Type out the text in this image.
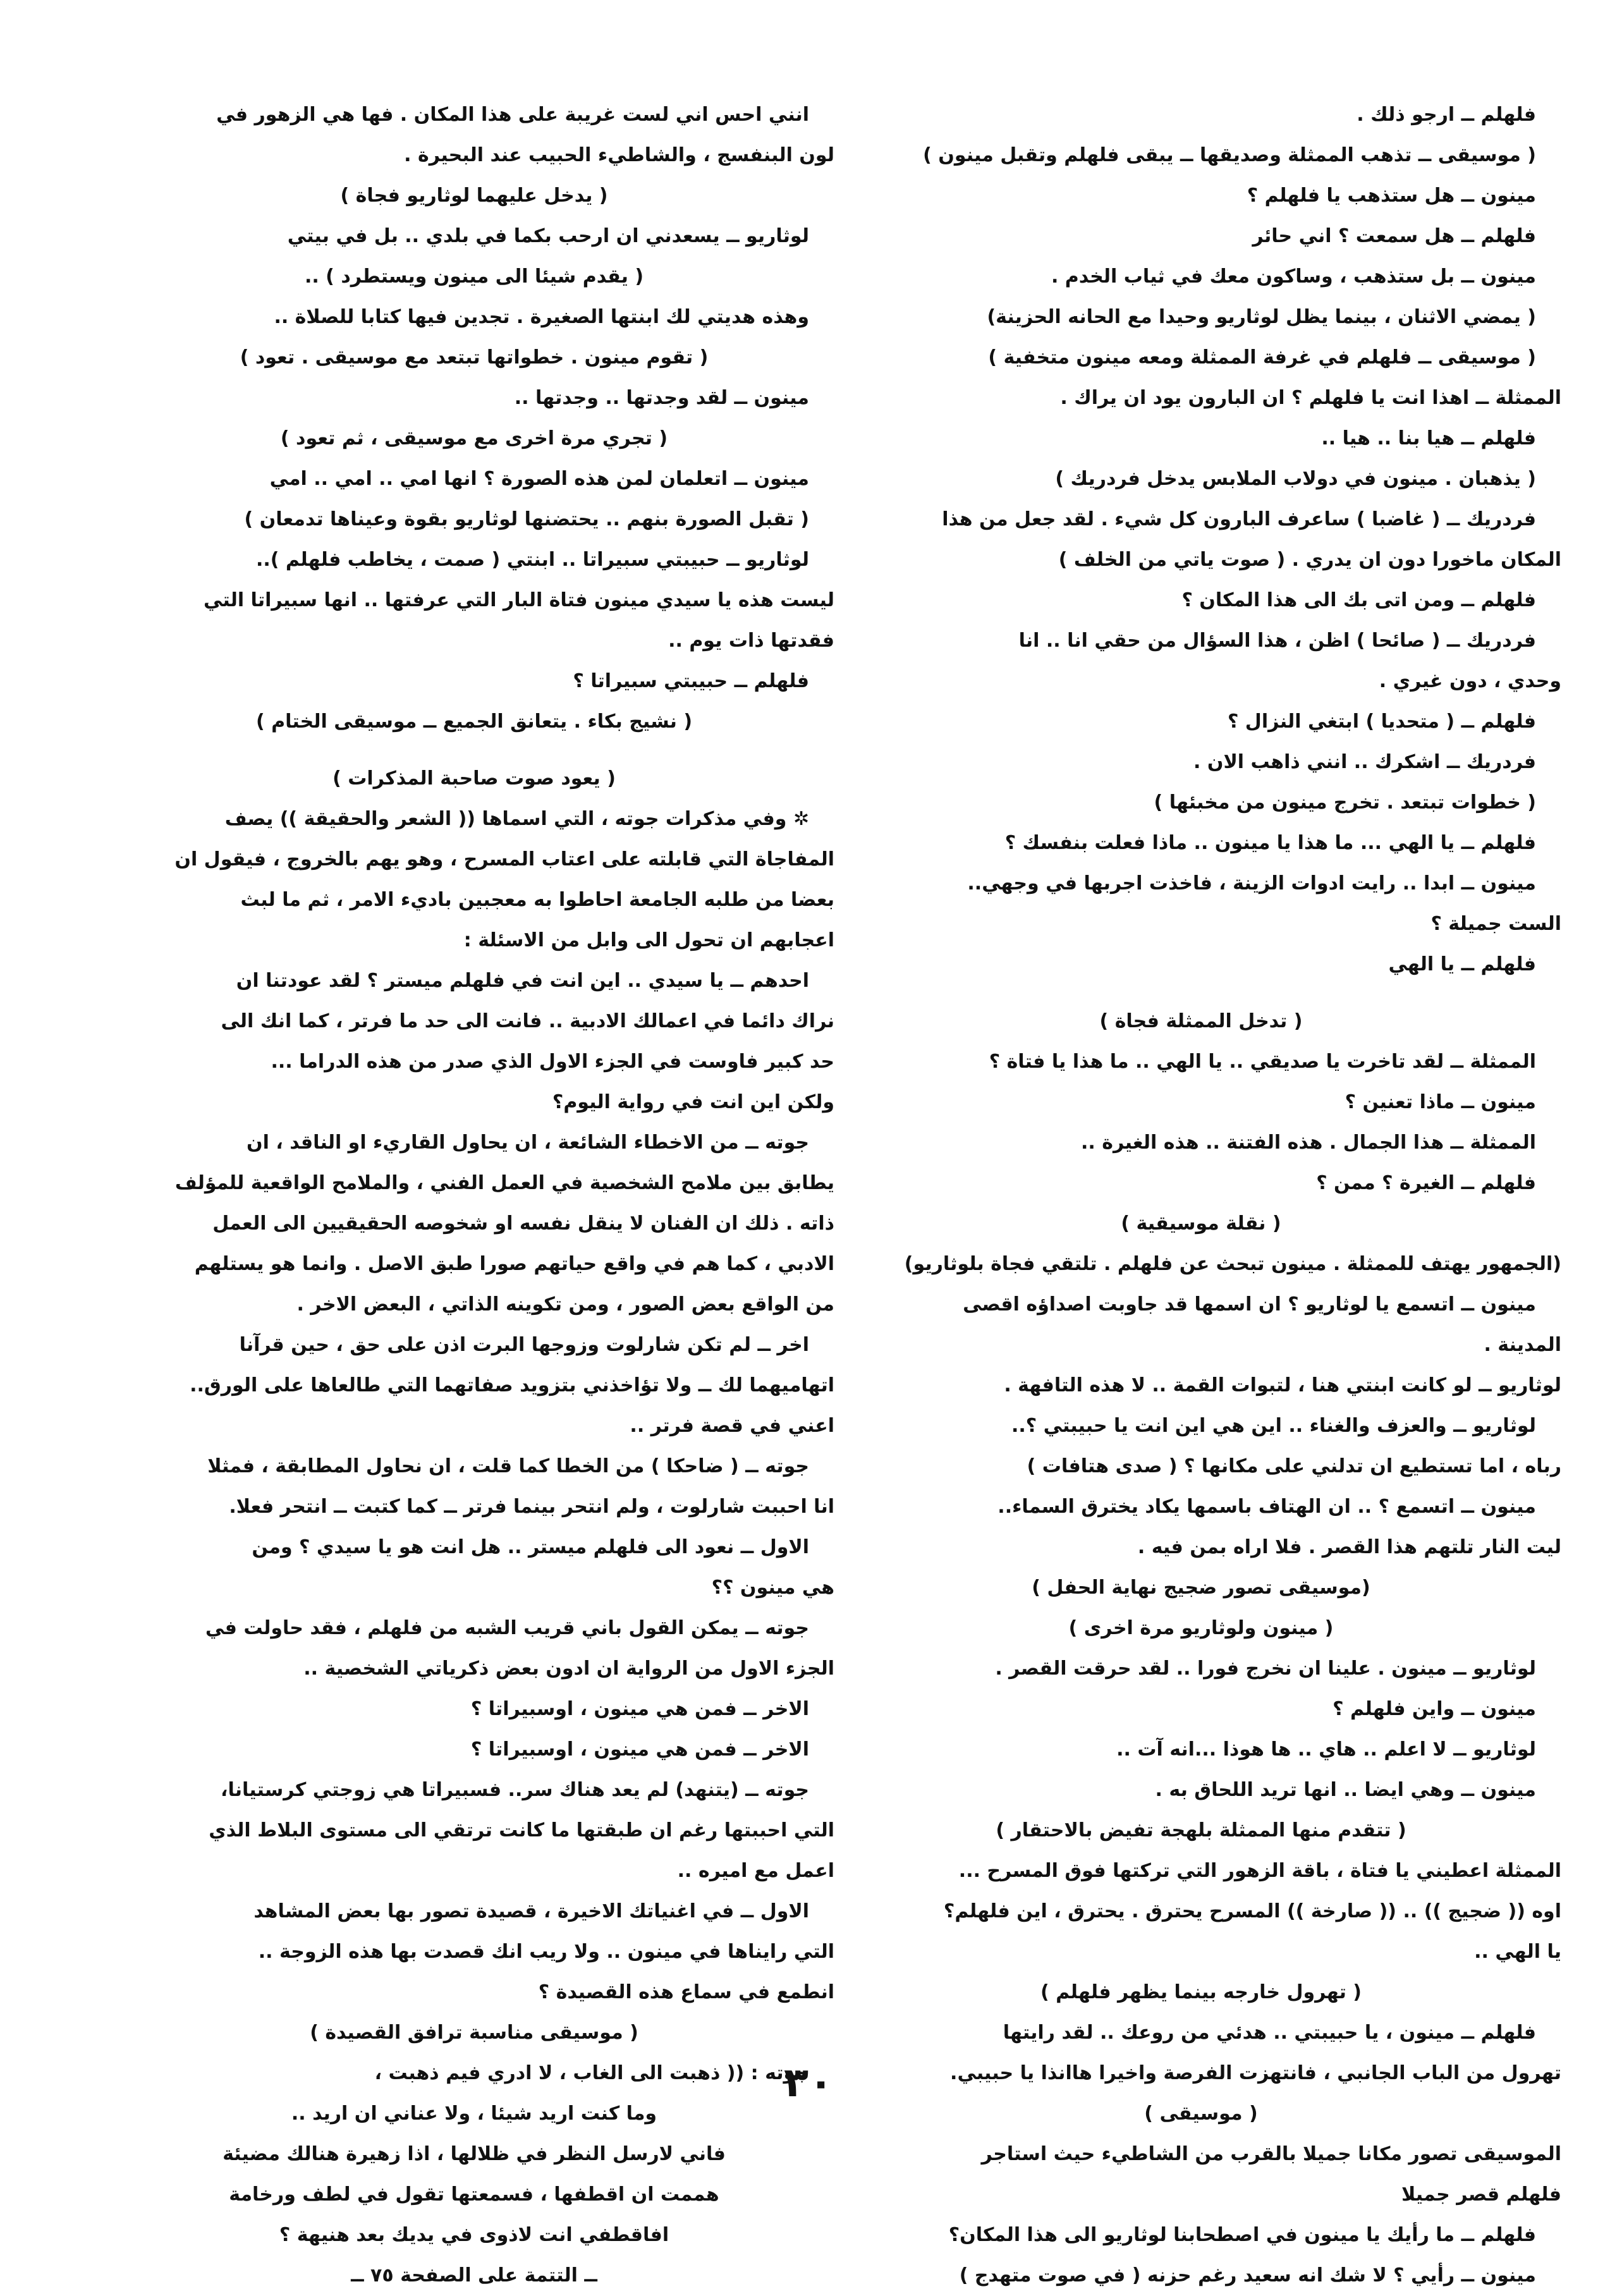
فلهلم ــ ارجو ذلك .
( موسيقى ــ تذهب الممثلة وصديقها ــ يبقى فلهلم وتقبل مينون )
مينون ــ هل ستذهب يا فلهلم ؟
فلهلم ــ هل سمعت ؟ اني حائر
مينون ــ بل ستذهب ، وساكون معك في ثياب الخدم .
( يمضي الاثنان ، بينما يظل لوثاريو وحيدا مع الحانه الحزينة)
( موسيقى ــ فلهلم في غرفة الممثلة ومعه مينون متخفية )
الممثلة ــ اهذا انت يا فلهلم ؟ ان البارون يود ان يراك .
فلهلم ــ هيا بنا .. هيا ..
( يذهبان . مينون في دولاب الملابس يدخل فردريك )
فردريك ــ ( غاضبا ) ساعرف البارون كل شيء . لقد جعل من هذا
المكان ماخورا دون ان يدري . ( صوت ياتي من الخلف )
فلهلم ــ ومن اتى بك الى هذا المكان ؟
فردريك ــ ( صائحا ) اظن ، هذا السؤال من حقي انا .. انا
وحدي ، دون غيري .
فلهلم ــ ( متحديا ) ابتغي النزال ؟
فردريك ــ اشكرك .. انني ذاهب الان .
( خطوات تبتعد . تخرج مينون من مخبئها )
فلهلم ــ يا الهي ... ما هذا يا مينون .. ماذا فعلت بنفسك ؟
مينون ــ ابدا .. رايت ادوات الزينة ، فاخذت اجربها في وجهي..
الست جميلة ؟
فلهلم ــ يا الهي
( تدخل الممثلة فجاة )
الممثلة ــ لقد تاخرت يا صديقي .. يا الهي .. ما هذا يا فتاة ؟
مينون ــ ماذا تعنين ؟
الممثلة ــ هذا الجمال . هذه الفتنة .. هذه الغيرة ..
فلهلم ــ الغيرة ؟ ممن ؟
( نقلة موسيقية )
(الجمهور يهتف للممثلة . مينون تبحث عن فلهلم . تلتقي فجاة بلوثاريو)
مينون ــ اتسمع يا لوثاريو ؟ ان اسمها قد جاوبت اصداؤه اقصى
المدينة .
لوثاريو ــ لو كانت ابنتي هنا ، لتبوات القمة .. لا هذه التافهة .
لوثاريو ــ والعزف والغناء .. اين هي اين انت يا حبيبتي ؟..
رباه ، اما تستطيع ان تدلني على مكانها ؟ ( صدى هتافات )
مينون ــ اتسمع ؟ .. ان الهتاف باسمها يكاد يخترق السماء..
ليت النار تلتهم هذا القصر . فلا اراه بمن فيه .
(موسيقى تصور ضجيج نهاية الحفل )
( مينون ولوثاريو مرة اخرى )
لوثاريو ــ مينون . علينا ان نخرج فورا .. لقد حرقت القصر .
مينون ــ واين فلهلم ؟
لوثاريو ــ لا اعلم .. هاي .. ها هوذا ...انه آت ..
مينون ــ وهي ايضا .. انها تريد اللحاق به .
( تتقدم منها الممثلة بلهجة تفيض بالاحتقار )
الممثلة اعطيني يا فتاة ، باقة الزهور التي تركتها فوق المسرح ...
اوه (( ضجيج )) .. (( صارخة )) المسرح يحترق . يحترق ، اين فلهلم؟
يا الهي ..
( تهرول خارجه بينما يظهر فلهلم )
فلهلم ــ مينون ، يا حبيبتي .. هدئي من روعك .. لقد رايتها
تهرول من الباب الجانبي ، فانتهزت الفرصة واخيرا هاانذا يا حبيبي.
( موسيقى )
الموسيقى تصور مكانا جميلا بالقرب من الشاطيء حيث استاجر
فلهلم قصر جميلا
فلهلم ــ ما رأيك يا مينون في اصطحابنا لوثاريو الى هذا المكان؟
مينون ــ رأيي ؟ لا شك انه سعيد رغم حزنه ( في صوت متهدج )
انني احس اني لست غريبة على هذا المكان . فها هي الزهور في
لون البنفسج ، والشاطيء الحبيب عند البحيرة .
( يدخل عليهما لوثاريو فجاة )
لوثاريو ــ يسعدني ان ارحب بكما في بلدي .. بل في بيتي
( يقدم شيئا الى مينون ويستطرد ) ..
وهذه هديتي لك ابنتها الصغيرة . تجدين فيها كتابا للصلاة ..
( تقوم مينون . خطواتها تبتعد مع موسيقى . تعود )
مينون ــ لقد وجدتها .. وجدتها ..
( تجري مرة اخرى مع موسيقى ، ثم تعود )
مينون ــ اتعلمان لمن هذه الصورة ؟ انها امي .. امي .. امي
( تقبل الصورة بنهم .. يحتضنها لوثاريو بقوة وعيناها تدمعان )
لوثاريو ــ حبيبتي سبيراتا .. ابنتي ( صمت ، يخاطب فلهلم )..
ليست هذه يا سيدي مينون فتاة البار التي عرفتها .. انها سبيراتا التي
فقدتها ذات يوم ..
فلهلم ــ حبيبتي سبيراتا ؟
( نشيج بكاء . يتعانق الجميع ــ موسيقى الختام )
( يعود صوت صاحبة المذكرات )
✲ وفي مذكرات جوته ، التي اسماها (( الشعر والحقيقة )) يصف
المفاجاة التي قابلته على اعتاب المسرح ، وهو يهم بالخروج ، فيقول ان
بعضا من طلبه الجامعة احاطوا به معجبين باديء الامر ، ثم ما لبث
اعجابهم ان تحول الى وابل من الاسئلة :
احدهم ــ يا سيدي .. اين انت في فلهلم ميستر ؟ لقد عودتنا ان
نراك دائما في اعمالك الادبية .. فانت الى حد ما فرتر ، كما انك الى
حد كبير فاوست في الجزء الاول الذي صدر من هذه الدراما ...
ولكن اين انت في رواية اليوم؟
جوته ــ من الاخطاء الشائعة ، ان يحاول القاريء او الناقد ، ان
يطابق بين ملامح الشخصية في العمل الفني ، والملامح الواقعية للمؤلف
ذاته . ذلك ان الفنان لا ينقل نفسه او شخوصه الحقيقيين الى العمل
الادبي ، كما هم في واقع حياتهم صورا طبق الاصل . وانما هو يستلهم
من الواقع بعض الصور ، ومن تكوينه الذاتي ، البعض الاخر .
اخر ــ لم تكن شارلوت وزوجها البرت اذن على حق ، حين قرآنا
اتهاميهما لك ــ ولا تؤاخذني بتزويد صفاتهما التي طالعاها على الورق..
اعني في قصة فرتر ..
جوته ــ ( ضاحكا ) من الخطا كما قلت ، ان نحاول المطابقة ، فمثلا
انا احببت شارلوت ، ولم انتحر بينما فرتر ــ كما كتبت ــ انتحر فعلا.
الاول ــ نعود الى فلهلم ميستر .. هل انت هو يا سيدي ؟ ومن
هي مينون ؟؟
جوته ــ يمكن القول باني قريب الشبه من فلهلم ، فقد حاولت في
الجزء الاول من الرواية ان ادون بعض ذكرياتي الشخصية ..
الاخر ــ فمن هي مينون ، اوسبيراتا ؟
الاخر ــ فمن هي مينون ، اوسبيراتا ؟
جوته ــ (يتنهد) لم يعد هناك سر.. فسبيراتا هي زوجتي كرستيانا،
التي احببتها رغم ان طبقتها ما كانت ترتقي الى مستوى البلاط الذي
اعمل مع اميره ..
الاول ــ في اغنياتك الاخيرة ، قصيدة تصور بها بعض المشاهد
التي رايناها في مينون .. ولا ريب انك قصدت بها هذه الزوجة ..
انطمع في سماع هذه القصيدة ؟
( موسيقى مناسبة ترافق القصيدة )
جوته : (( ذهبت الى الغاب ، لا ادري فيم ذهبت ،
وما كنت اريد شيئا ، ولا عناني ان اريد ..
فاني لارسل النظر في ظلالها ، اذا زهيرة هنالك مضيئة
هممت ان اقطفها ، فسمعتها تقول في لطف ورخامة
افاقطفي انت لاذوى في يديك بعد هنيهة ؟
ــ التتمة على الصفحة ٧٥ ــ
٣٠
